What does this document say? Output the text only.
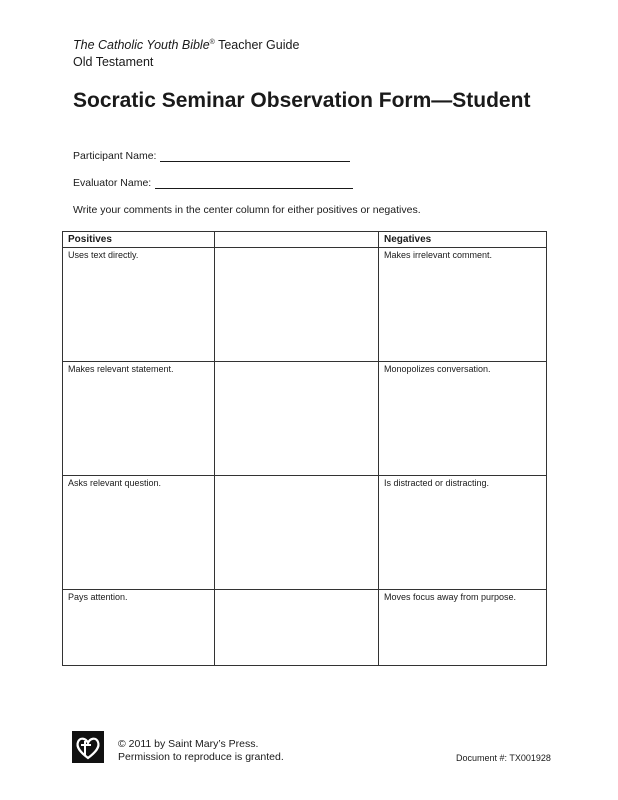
The Catholic Youth Bible® Teacher Guide
Old Testament
Socratic Seminar Observation Form—Student
Participant Name:
Evaluator Name:
Write your comments in the center column for either positives or negatives.
Positives		Negatives
Uses text directly.		Makes irrelevant comment.
Makes relevant statement.		Monopolizes conversation.
Asks relevant question.		Is distracted or distracting.
Pays attention.		Moves focus away from purpose.
© 2011 by Saint Mary’s Press.
Permission to reproduce is granted.	Document #: TX001928
